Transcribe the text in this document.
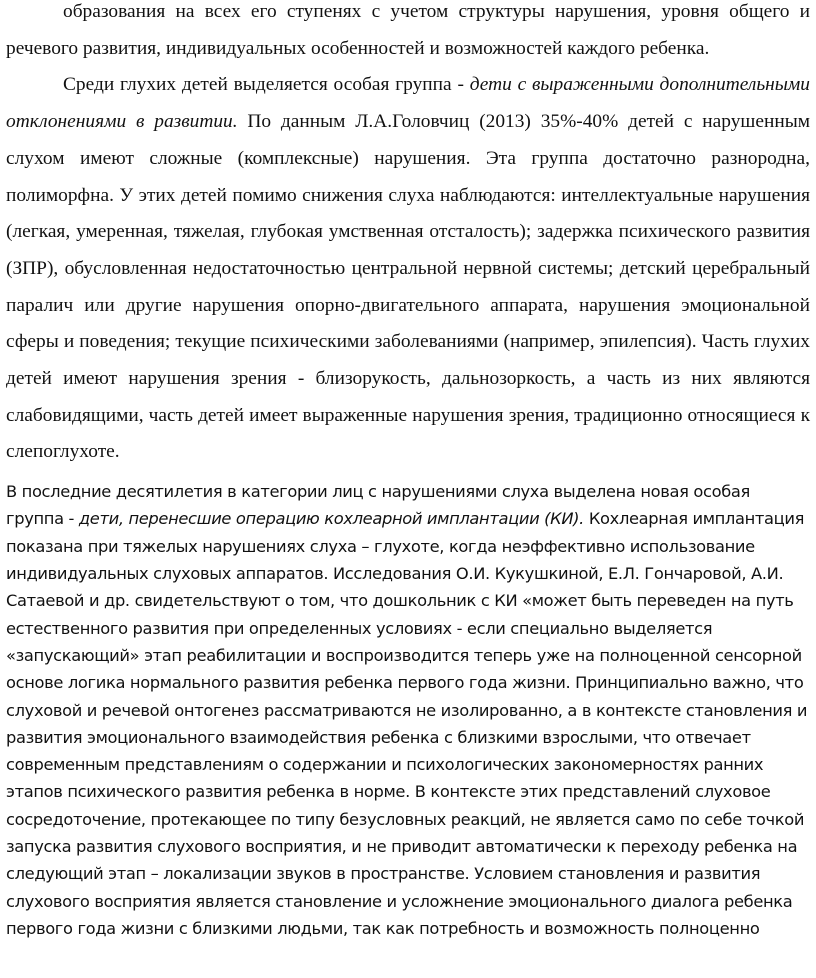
образования на всех его ступенях с учетом структуры нарушения, уровня общего и речевого развития, индивидуальных особенностей и возможностей каждого ребенка.

Среди глухих детей выделяется особая группа - дети с выраженными дополнительными отклонениями в развитии. По данным Л.А.Головчиц (2013) 35%-40% детей с нарушенным слухом имеют сложные (комплексные) нарушения. Эта группа достаточно разнородна, полиморфна. У этих детей помимо снижения слуха наблюдаются: интеллектуальные нарушения (легкая, умеренная, тяжелая, глубокая умственная отсталость); задержка психического развития (ЗПР), обусловленная недостаточностью центральной нервной системы; детский церебральный паралич или другие нарушения опорно-двигательного аппарата, нарушения эмоциональной сферы и поведения; текущие психическими заболеваниями (например, эпилепсия). Часть глухих детей имеют нарушения зрения - близорукость, дальнозоркость, а часть из них являются слабовидящими, часть детей имеет выраженные нарушения зрения, традиционно относящиеся к слепоглухоте.

В последние десятилетия в категории лиц с нарушениями слуха выделена новая особая группа - дети, перенесшие операцию кохлеарной имплантации (КИ). Кохлеарная имплантация показана при тяжелых нарушениях слуха – глухоте, когда неэффективно использование индивидуальных слуховых аппаратов. Исследования О.И. Кукушкиной, Е.Л. Гончаровой, А.И. Сатаевой и др. свидетельствуют о том, что дошкольник с КИ «может быть переведен на путь естественного развития при определенных условиях - если специально выделяется «запускающий» этап реабилитации и воспроизводится теперь уже на полноценной сенсорной основе логика нормального развития ребенка первого года жизни. Принципиально важно, что слуховой и речевой онтогенез рассматриваются не изолированно, а в контексте становления и развития эмоционального взаимодействия ребенка с близкими взрослыми, что отвечает современным представлениям о содержании и психологических закономерностях ранних этапов психического развития ребенка в норме. В контексте этих представлений слуховое сосредоточение, протекающее по типу безусловных реакций, не является само по себе точкой запуска развития слухового восприятия, и не приводит автоматически к переходу ребенка на следующий этап – локализации звуков в пространстве. Условием становления и развития слухового восприятия является становление и усложнение эмоционального диалога ребенка первого года жизни с близкими людьми, так как потребность и возможность полноценно
